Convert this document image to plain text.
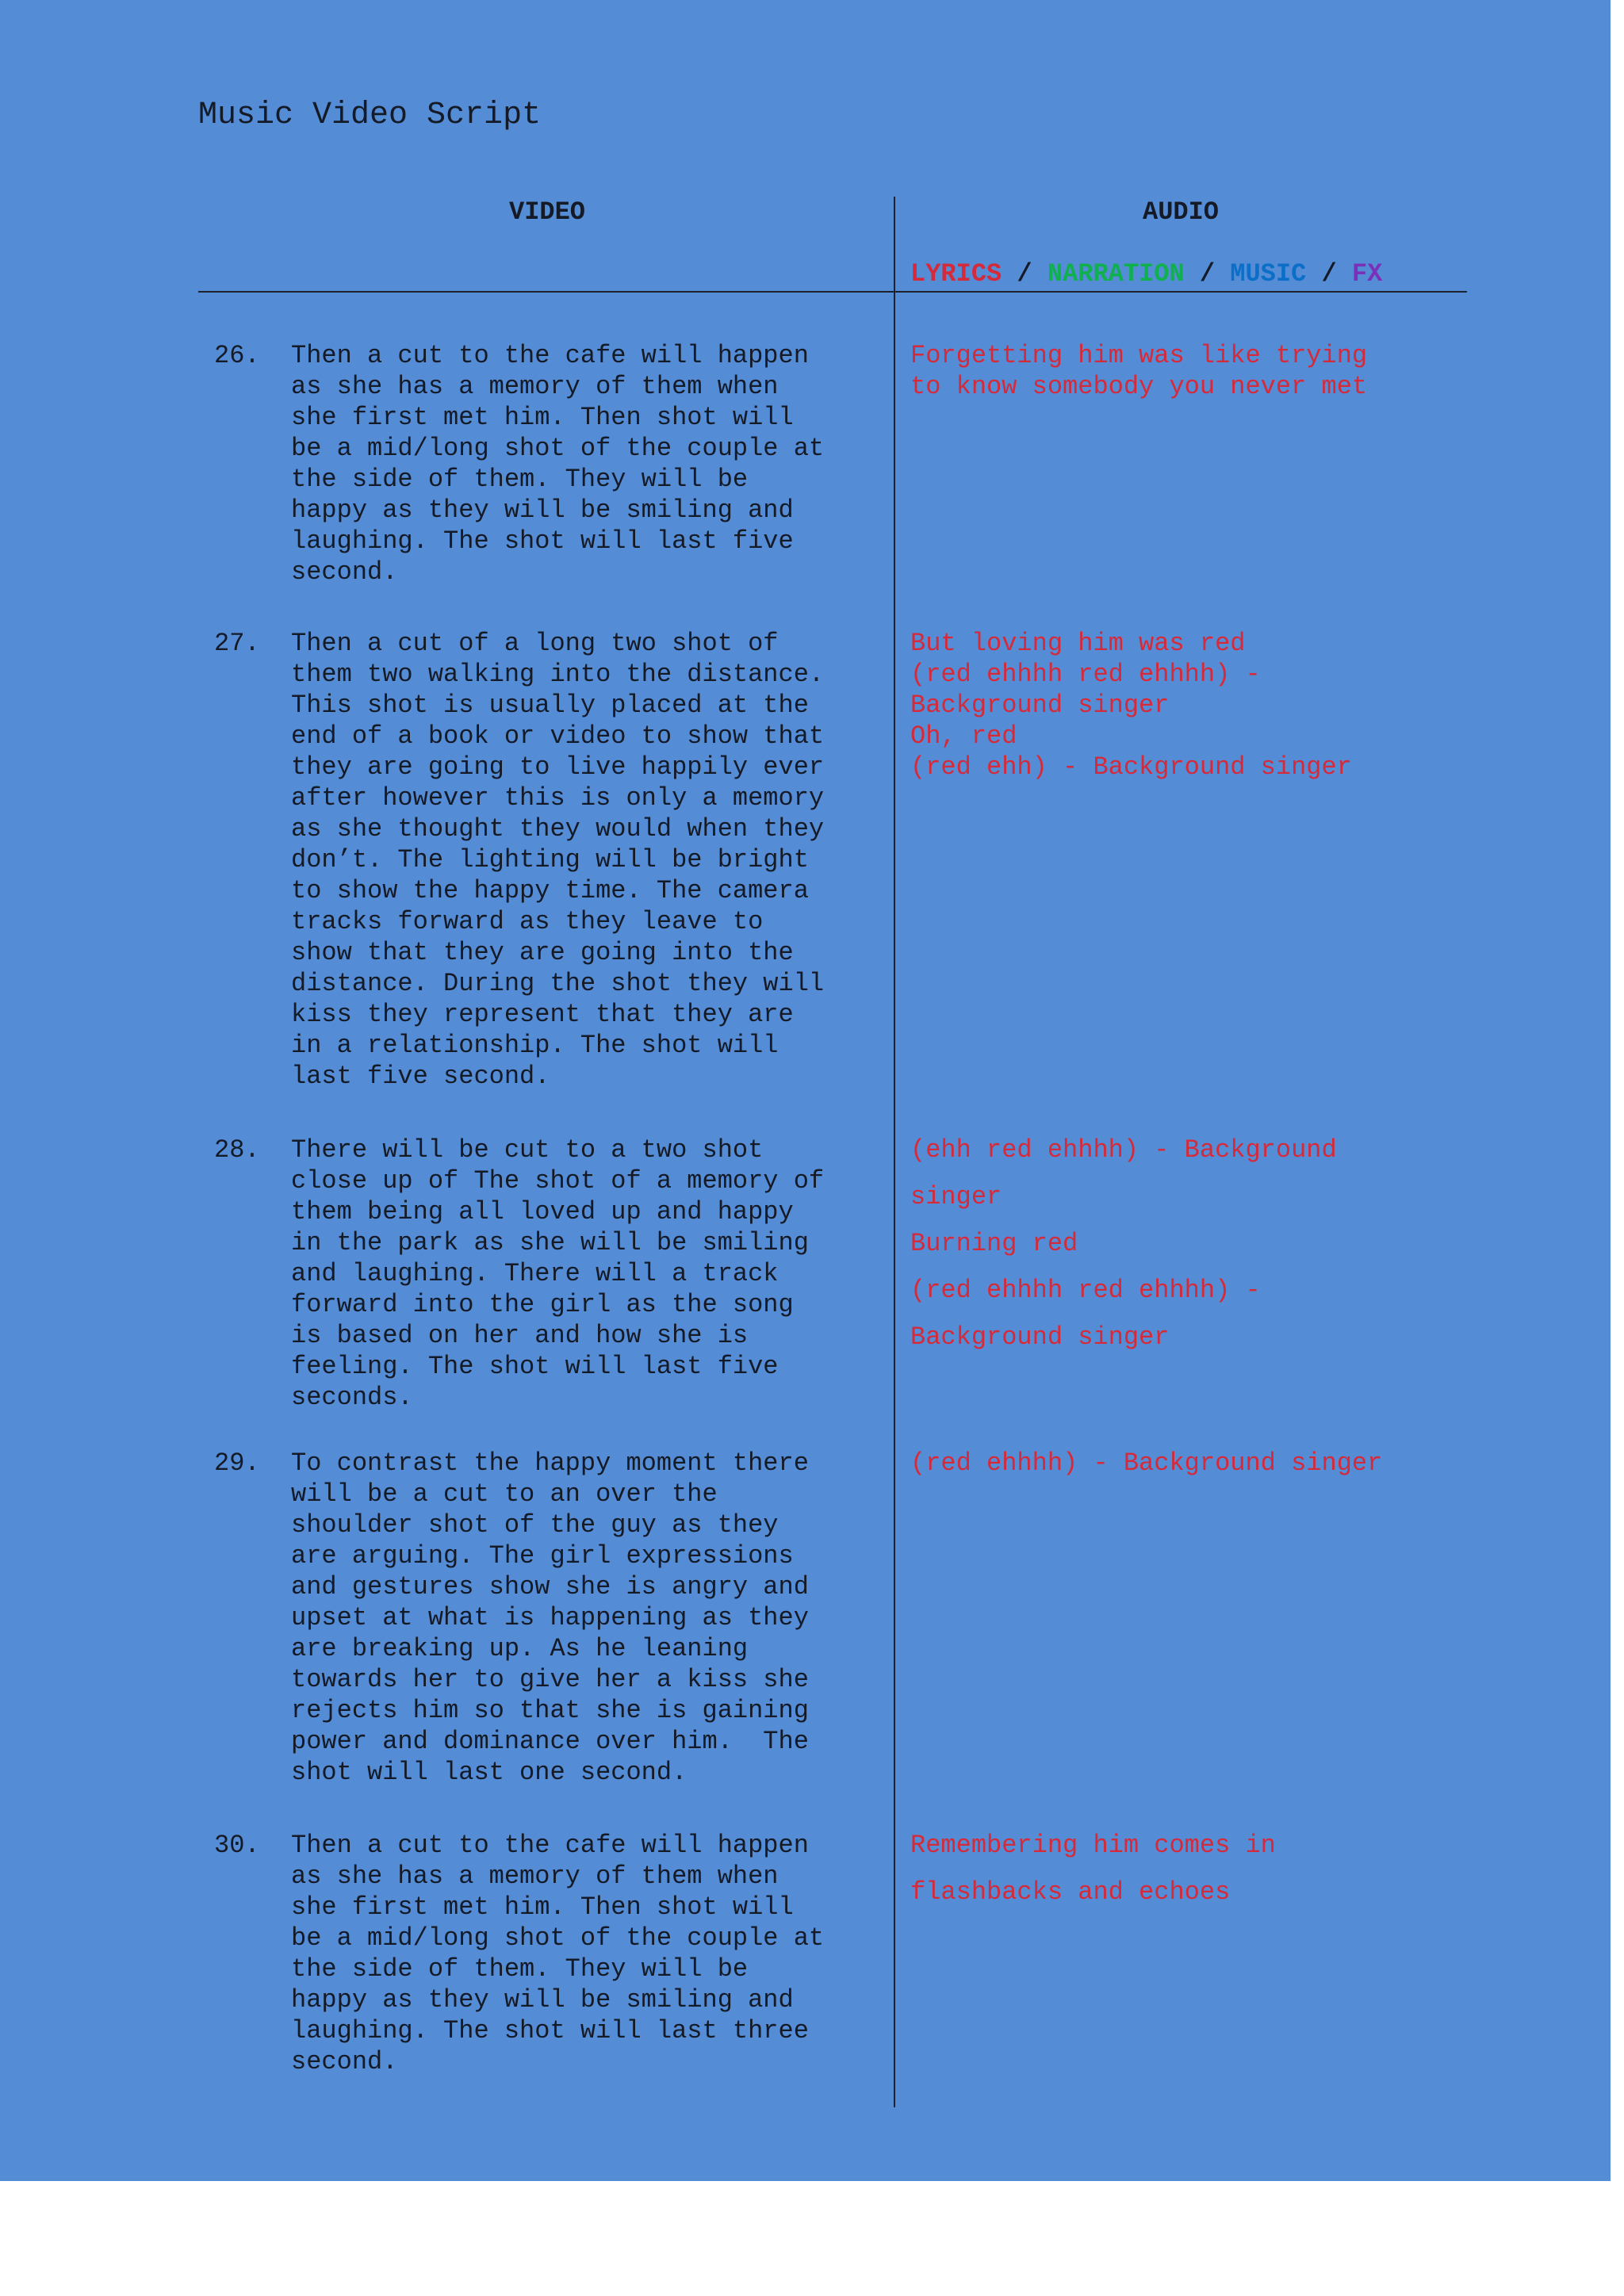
Music Video Script
VIDEO	AUDIO
LYRICS / NARRATION / MUSIC / FX
26. Then a cut to the cafe will happen
as she has a memory of them when
she first met him. Then shot will
be a mid/long shot of the couple at
the side of them. They will be
happy as they will be smiling and
laughing. The shot will last five
second.
Forgetting him was like trying
to know somebody you never met
27. Then a cut of a long two shot of
them two walking into the distance.
This shot is usually placed at the
end of a book or video to show that
they are going to live happily ever
after however this is only a memory
as she thought they would when they
don’t. The lighting will be bright
to show the happy time. The camera
tracks forward as they leave to
show that they are going into the
distance. During the shot they will
kiss they represent that they are
in a relationship. The shot will
last five second.
But loving him was red
(red ehhhh red ehhhh) -
Background singer
Oh, red
(red ehh) - Background singer
28. There will be cut to a two shot
close up of The shot of a memory of
them being all loved up and happy
in the park as she will be smiling
and laughing. There will a track
forward into the girl as the song
is based on her and how she is
feeling. The shot will last five
seconds.
(ehh red ehhhh) - Background
singer
Burning red
(red ehhhh red ehhhh) -
Background singer
29. To contrast the happy moment there
will be a cut to an over the
shoulder shot of the guy as they
are arguing. The girl expressions
and gestures show she is angry and
upset at what is happening as they
are breaking up. As he leaning
towards her to give her a kiss she
rejects him so that she is gaining
power and dominance over him.  The
shot will last one second.
(red ehhhh) - Background singer
30. Then a cut to the cafe will happen
as she has a memory of them when
she first met him. Then shot will
be a mid/long shot of the couple at
the side of them. They will be
happy as they will be smiling and
laughing. The shot will last three
second.
Remembering him comes in
flashbacks and echoes
